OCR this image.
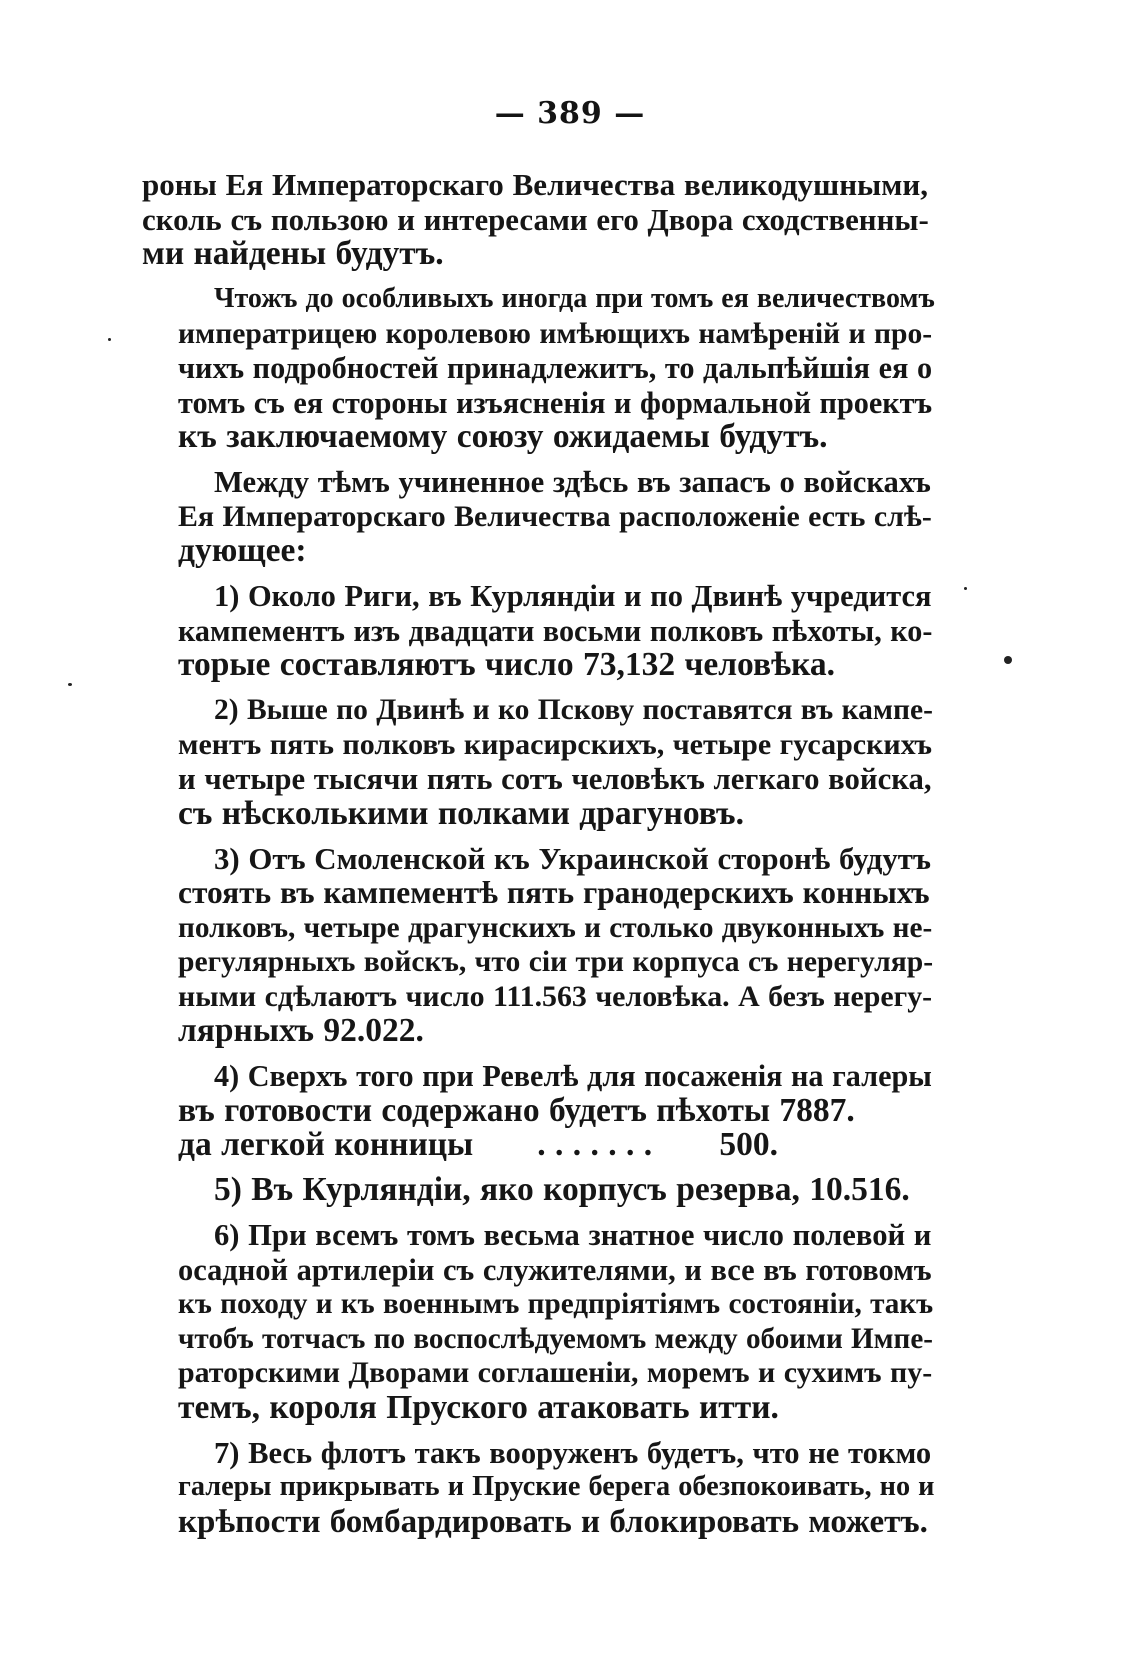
— 389 —
роны Ея Императорскаго Величества великодушными,
сколь съ пользою и интересами его Двора сходственны-
ми найдены будутъ.
Чтожъ до особливыхъ иногда при томъ ея величествомъ
императрицею королевою имѣющихъ намѣреній и про-
чихъ подробностей принадлежитъ, то дальпѣйшія ея о
томъ съ ея стороны изъясненія и формальной проектъ
къ заключаемому союзу ожидаемы будутъ.
Между тѣмъ учиненное здѣсь въ запасъ о войскахъ
Ея Императорскаго Величества расположеніе есть слѣ-
дующее:
1) Около Риги, въ Курляндіи и по Двинѣ учредится
кампементъ изъ двадцати восьми полковъ пѣхоты, ко-
торые составляютъ число 73,132 человѣка.
2) Выше по Двинѣ и ко Пскову поставятся въ кампе-
ментъ пять полковъ кирасирскихъ, четыре гусарскихъ
и четыре тысячи пять сотъ человѣкъ легкаго войска,
съ нѣсколькими полками драгуновъ.
3) Отъ Смоленской къ Украинской сторонѣ будутъ
стоять въ кампементѣ пять гранодерскихъ конныхъ
полковъ, четыре драгунскихъ и столько двуконныхъ не-
регулярныхъ войскъ, что сіи три корпуса съ нерегуляр-
ными сдѣлаютъ число 111.563 человѣка. А безъ нерегу-
лярныхъ 92.022.
4) Сверхъ того при Ревелѣ для посаженія на галеры
въ готовости содержано будетъ пѣхоты 7887.
да легкой конницы	. . . . . . .	500.
5) Въ Курляндіи, яко корпусъ резерва, 10.516.
6) При всемъ томъ весьма знатное число полевой и
осадной артилеріи съ служителями, и все въ готовомъ
къ походу и къ военнымъ предпріятіямъ состояніи, такъ
чтобъ тотчасъ по воспослѣдуемомъ между обоими Импе-
раторскими Дворами соглашеніи, моремъ и сухимъ пу-
темъ, короля Пруского атаковать итти.
7) Весь флотъ такъ вооруженъ будетъ, что не токмо
галеры прикрывать и Пруские берега обезпокоивать, но и
крѣпости бомбардировать и блокировать можетъ.
